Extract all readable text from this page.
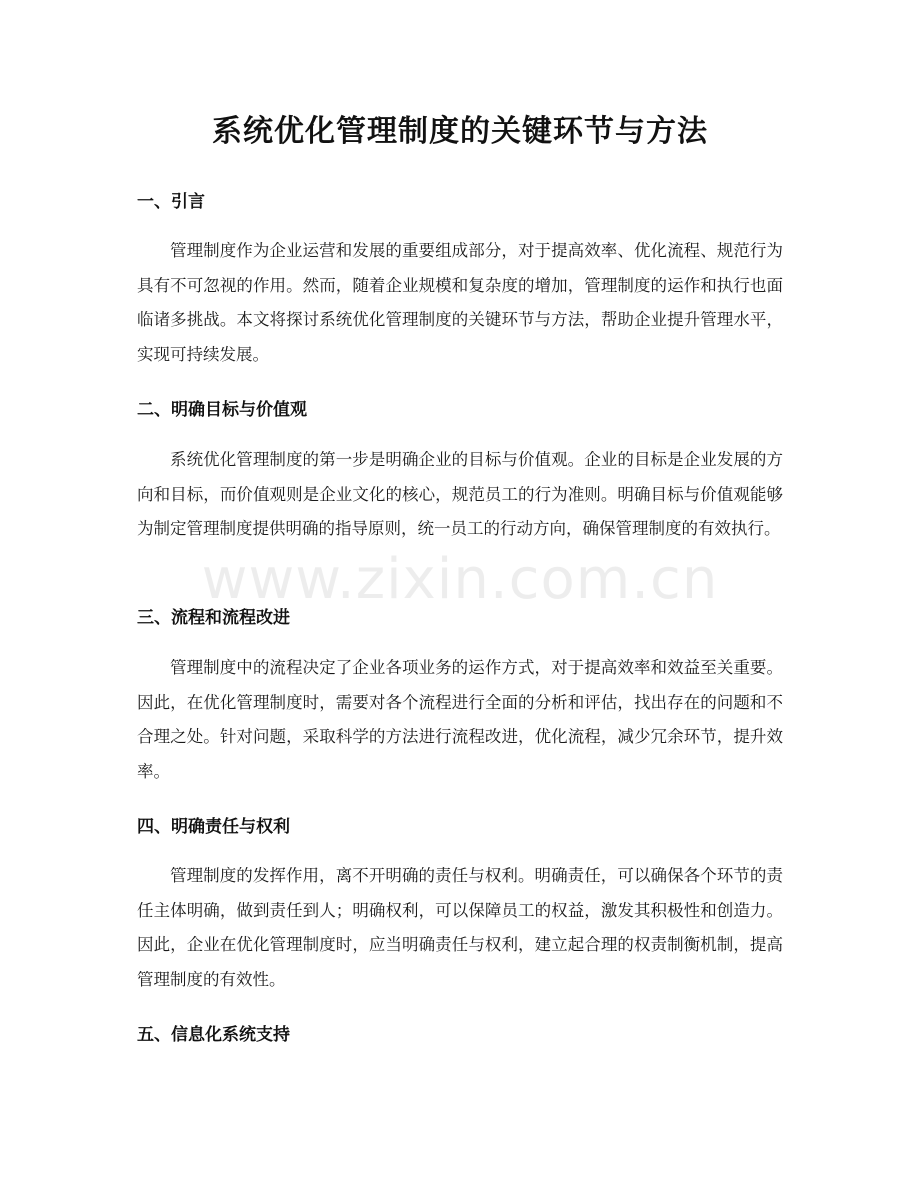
系统优化管理制度的关键环节与方法
一、引言

管理制度作为企业运营和发展的重要组成部分，对于提高效率、优化流程、规范行为具有不可忽视的作用。然而，随着企业规模和复杂度的增加，管理制度的运作和执行也面临诸多挑战。本文将探讨系统优化管理制度的关键环节与方法，帮助企业提升管理水平，实现可持续发展。

二、明确目标与价值观

系统优化管理制度的第一步是明确企业的目标与价值观。企业的目标是企业发展的方向和目标，而价值观则是企业文化的核心，规范员工的行为准则。明确目标与价值观能够为制定管理制度提供明确的指导原则，统一员工的行动方向，确保管理制度的有效执行。

三、流程和流程改进

管理制度中的流程决定了企业各项业务的运作方式，对于提高效率和效益至关重要。因此，在优化管理制度时，需要对各个流程进行全面的分析和评估，找出存在的问题和不合理之处。针对问题，采取科学的方法进行流程改进，优化流程，减少冗余环节，提升效率。

四、明确责任与权利

管理制度的发挥作用，离不开明确的责任与权利。明确责任，可以确保各个环节的责任主体明确，做到责任到人；明确权利，可以保障员工的权益，激发其积极性和创造力。因此，企业在优化管理制度时，应当明确责任与权利，建立起合理的权责制衡机制，提高管理制度的有效性。

五、信息化系统支持
www.zixin.com.cn
